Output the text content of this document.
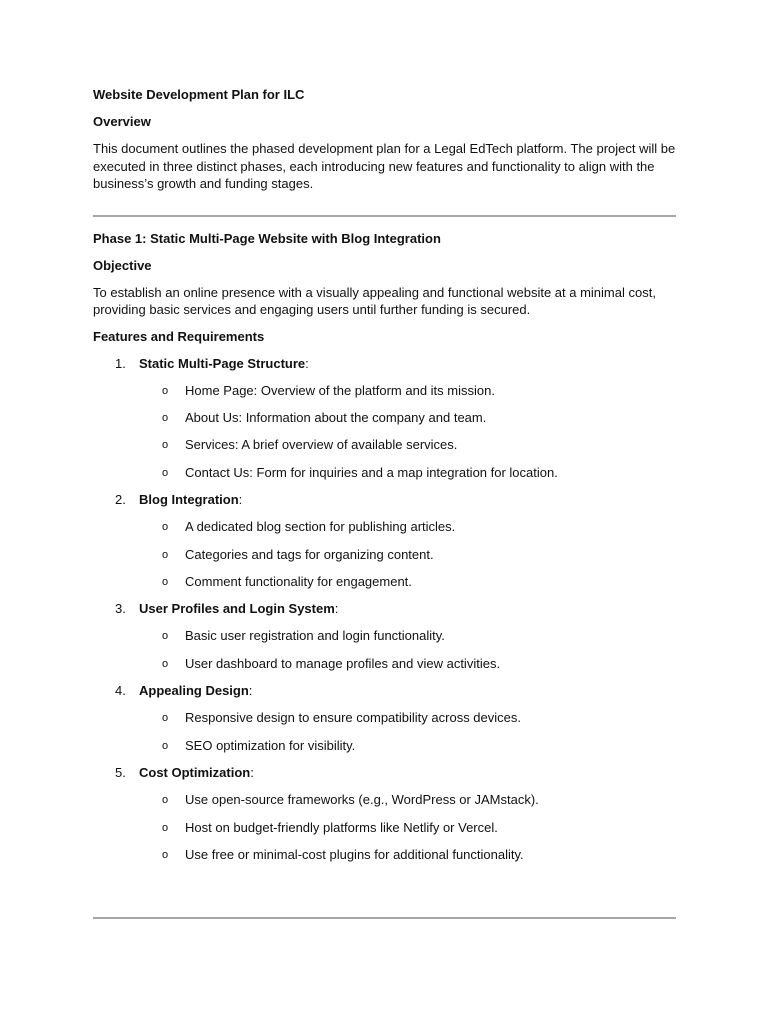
Website Development Plan for ILC

Overview

This document outlines the phased development plan for a Legal EdTech platform. The project will be executed in three distinct phases, each introducing new features and functionality to align with the business’s growth and funding stages.

Phase 1: Static Multi-Page Website with Blog Integration

Objective

To establish an online presence with a visually appealing and functional website at a minimal cost, providing basic services and engaging users until further funding is secured.

Features and Requirements

1. Static Multi-Page Structure:
o Home Page: Overview of the platform and its mission.
o About Us: Information about the company and team.
o Services: A brief overview of available services.
o Contact Us: Form for inquiries and a map integration for location.
2. Blog Integration:
o A dedicated blog section for publishing articles.
o Categories and tags for organizing content.
o Comment functionality for engagement.
3. User Profiles and Login System:
o Basic user registration and login functionality.
o User dashboard to manage profiles and view activities.
4. Appealing Design:
o Responsive design to ensure compatibility across devices.
o SEO optimization for visibility.
5. Cost Optimization:
o Use open-source frameworks (e.g., WordPress or JAMstack).
o Host on budget-friendly platforms like Netlify or Vercel.
o Use free or minimal-cost plugins for additional functionality.
